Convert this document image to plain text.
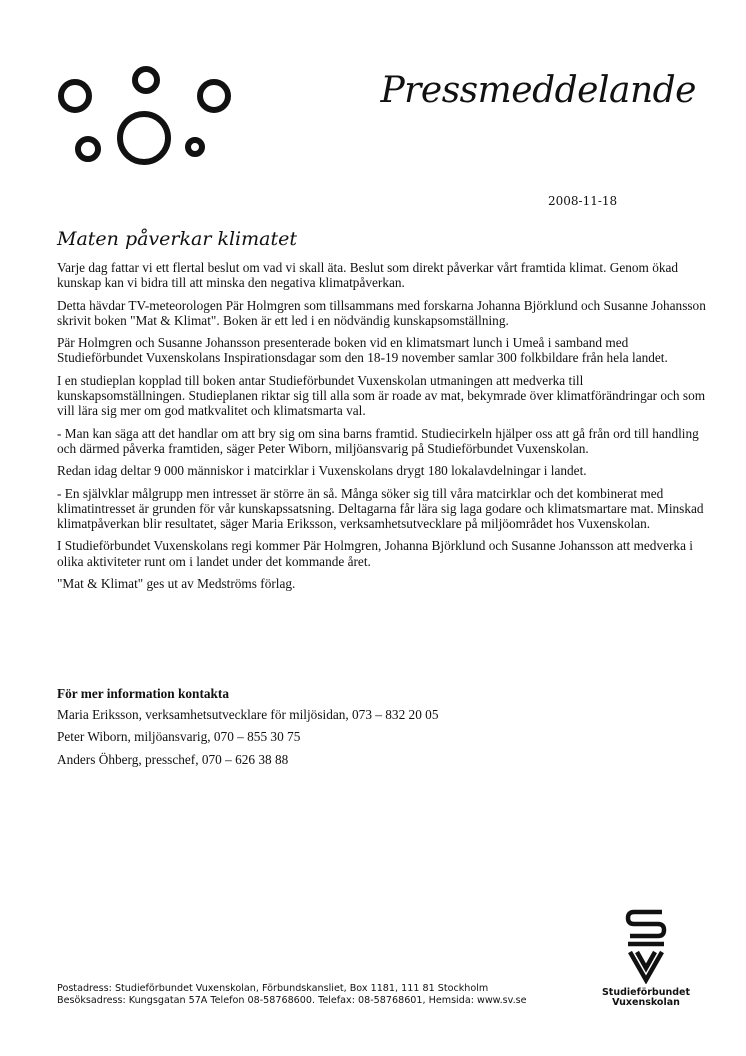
Pressmeddelande
2008-11-18
Maten påverkar klimatet

Varje dag fattar vi ett flertal beslut om vad vi skall äta. Beslut som direkt påverkar vårt framtida klimat. Genom ökad kunskap kan vi bidra till att minska den negativa klimatpåverkan.

Detta hävdar TV-meteorologen Pär Holmgren som tillsammans med forskarna Johanna Björklund och Susanne Johansson skrivit boken "Mat & Klimat". Boken är ett led i en nödvändig kunskapsomställning.

Pär Holmgren och Susanne Johansson presenterade boken vid en klimatsmart lunch i Umeå i samband med Studieförbundet Vuxenskolans Inspirationsdagar som den 18-19 november samlar 300 folkbildare från hela landet.

I en studieplan kopplad till boken antar Studieförbundet Vuxenskolan utmaningen att medverka till kunskapsomställningen. Studieplanen riktar sig till alla som är roade av mat, bekymrade över klimatförändringar och som vill lära sig mer om god matkvalitet och klimatsmarta val.

- Man kan säga att det handlar om att bry sig om sina barns framtid. Studiecirkeln hjälper oss att gå från ord till handling och därmed påverka framtiden, säger Peter Wiborn, miljöansvarig på Studieförbundet Vuxenskolan.

Redan idag deltar 9 000 människor i matcirklar i Vuxenskolans drygt 180 lokalavdelningar i landet.

- En självklar målgrupp men intresset är större än så. Många söker sig till våra matcirklar och det kombinerat med klimatintresset är grunden för vår kunskapssatsning. Deltagarna får lära sig laga godare och klimatsmartare mat. Minskad klimatpåverkan blir resultatet, säger Maria Eriksson, verksamhetsutvecklare på miljöområdet hos Vuxenskolan.

I Studieförbundet Vuxenskolans regi kommer Pär Holmgren, Johanna Björklund och Susanne Johansson att medverka i olika aktiviteter runt om i landet under det kommande året.

"Mat & Klimat" ges ut av Medströms förlag.

För mer information kontakta

Maria Eriksson, verksamhetsutvecklare för miljösidan, 073 – 832 20 05

Peter Wiborn, miljöansvarig, 070 – 855 30 75

Anders Öhberg, presschef, 070 – 626 38 88

Postadress: Studieförbundet Vuxenskolan, Förbundskansliet, Box 1181, 111 81 Stockholm
Besöksadress: Kungsgatan 57A Telefon 08-58768600. Telefax: 08-58768601, Hemsida: www.sv.se
Studieförbundet
Vuxenskolan
